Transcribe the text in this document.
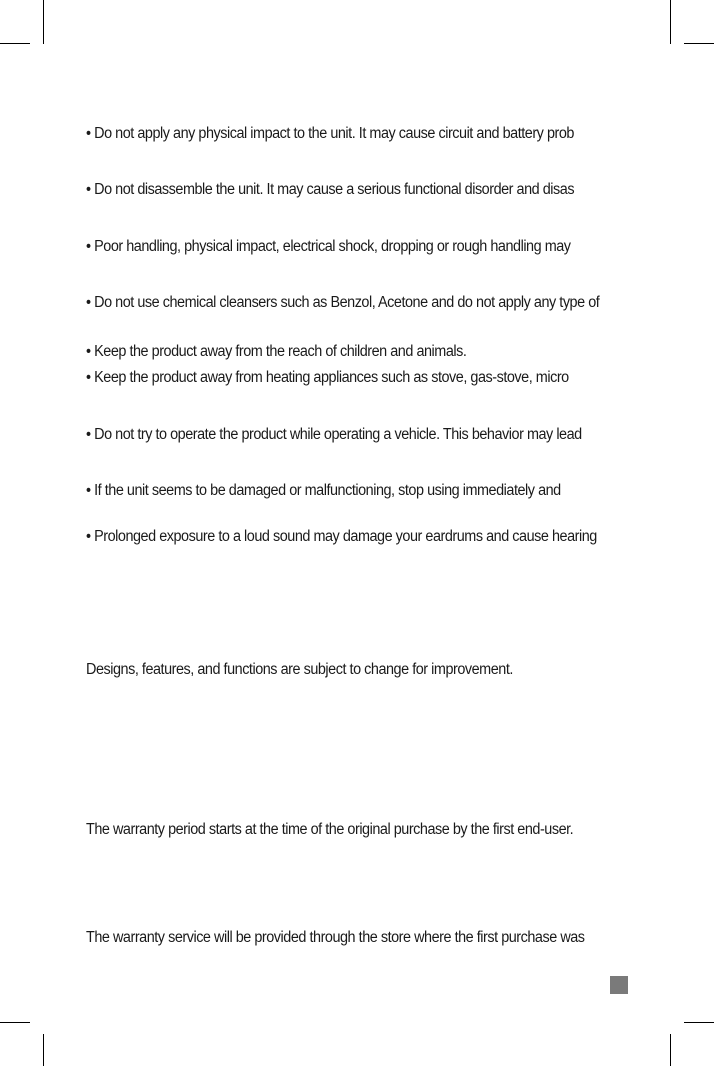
• Do not apply any physical impact to the unit. It may cause circuit and battery prob
• Do not disassemble the unit. It may cause a serious functional disorder and disas
• Poor handling, physical impact, electrical shock, dropping or rough handling may
• Do not use chemical cleansers such as Benzol, Acetone and do not apply any type of
• Keep the product away from the reach of children and animals.
• Keep the product away from heating appliances such as stove, gas-stove, micro
• Do not try to operate the product while operating a vehicle. This behavior may lead
• If the unit seems to be damaged or malfunctioning, stop using immediately and
• Prolonged exposure to a loud sound may damage your eardrums and cause hearing
Designs, features, and functions are subject to change for improvement.
The warranty period starts at the time of the original purchase by the first end-user.
The warranty service will be provided through the store where the first purchase was
